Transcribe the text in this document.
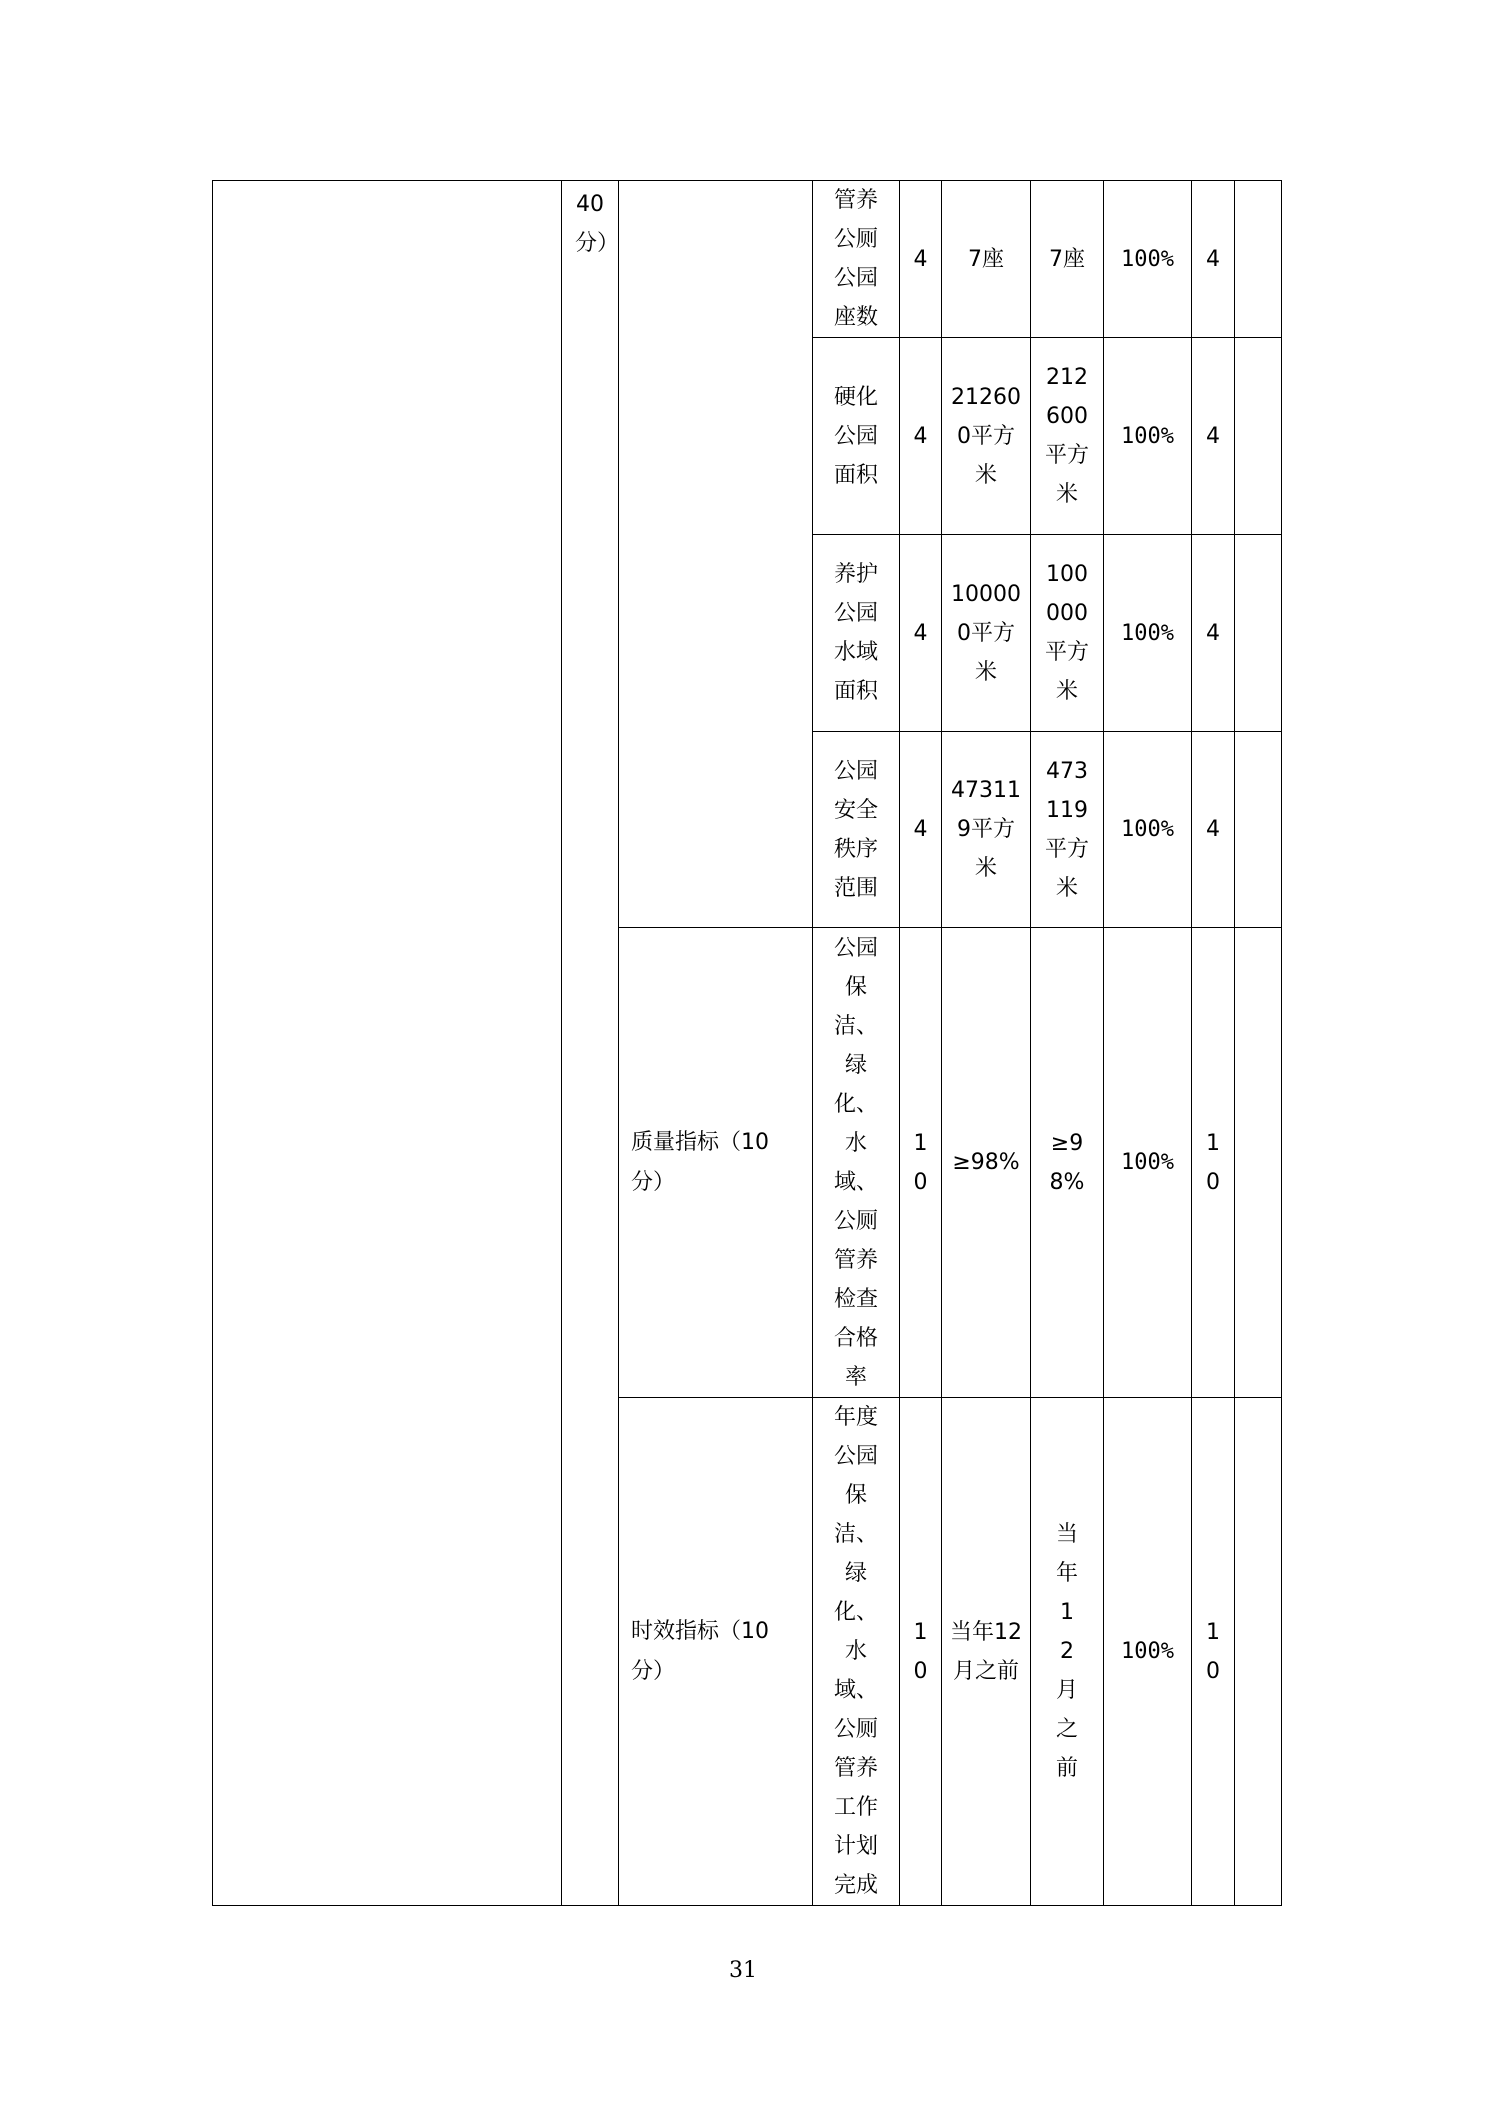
	40分）		管养公厕公园座数	4	7座	7座	100%	4	

			硬化公园面积	4	212600平方米	212600平方米	100%	4	

			养护公园水域面积	4	100000平方米	100000平方米	100%	4	

			公园安全秩序范围	4	473119平方米	473119平方米	100%	4	

		质量指标（10分）	公园保洁、绿化、水域、公厕管养检查合格率	10	≥98%	≥98%	100%	10	

		时效指标（10分）	年度公园保洁、绿化、水域、公厕管养工作计划完成	10	当年12月之前	当年12月之前	100%	10	

31
